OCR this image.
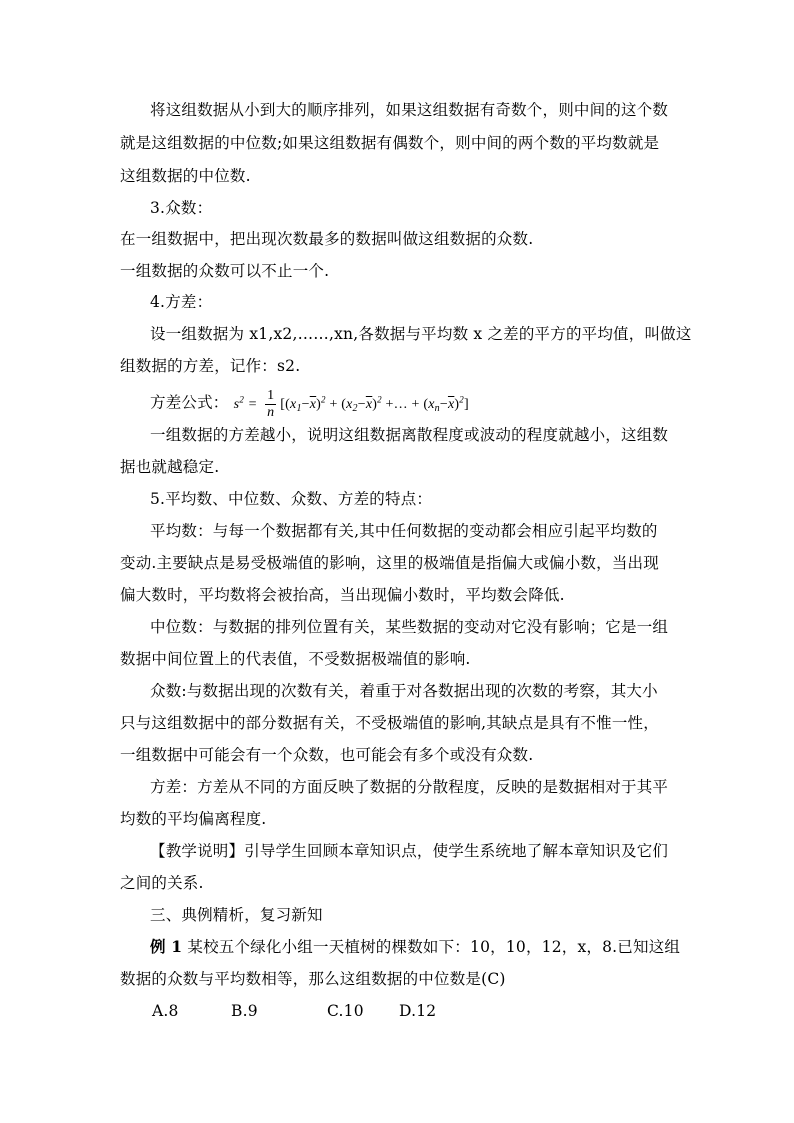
将这组数据从小到大的顺序排列，如果这组数据有奇数个，则中间的这个数
就是这组数据的中位数;如果这组数据有偶数个，则中间的两个数的平均数就是
这组数据的中位数.
3.众数：
在一组数据中，把出现次数最多的数据叫做这组数据的众数.
一组数据的众数可以不止一个.
4.方差：
设一组数据为 x1,x2,……,xn,各数据与平均数 x 之差的平方的平均值，叫做这
组数据的方差，记作：s2.
方差公式： $s^2 = \frac{1}{n} [(x_1-\overline{x})^2 + (x_2-\overline{x})^2$ +… + $(x_n-\overline{x})^2$]
一组数据的方差越小，说明这组数据离散程度或波动的程度就越小，这组数
据也就越稳定.
5.平均数、中位数、众数、方差的特点：
平均数：与每一个数据都有关,其中任何数据的变动都会相应引起平均数的
变动.主要缺点是易受极端值的影响，这里的极端值是指偏大或偏小数，当出现
偏大数时，平均数将会被抬高，当出现偏小数时，平均数会降低.
中位数：与数据的排列位置有关，某些数据的变动对它没有影响；它是一组
数据中间位置上的代表值，不受数据极端值的影响.
众数:与数据出现的次数有关，着重于对各数据出现的次数的考察，其大小
只与这组数据中的部分数据有关，不受极端值的影响,其缺点是具有不惟一性，
一组数据中可能会有一个众数，也可能会有多个或没有众数.
方差：方差从不同的方面反映了数据的分散程度，反映的是数据相对于其平
均数的平均偏离程度.
【教学说明】引导学生回顾本章知识点，使学生系统地了解本章知识及它们
之间的关系.
三、典例精析，复习新知
例 1 某校五个绿化小组一天植树的棵数如下：10，10，12，x，8.已知这组
数据的众数与平均数相等，那么这组数据的中位数是(C)
A.8	B.9	C.10 D.12
